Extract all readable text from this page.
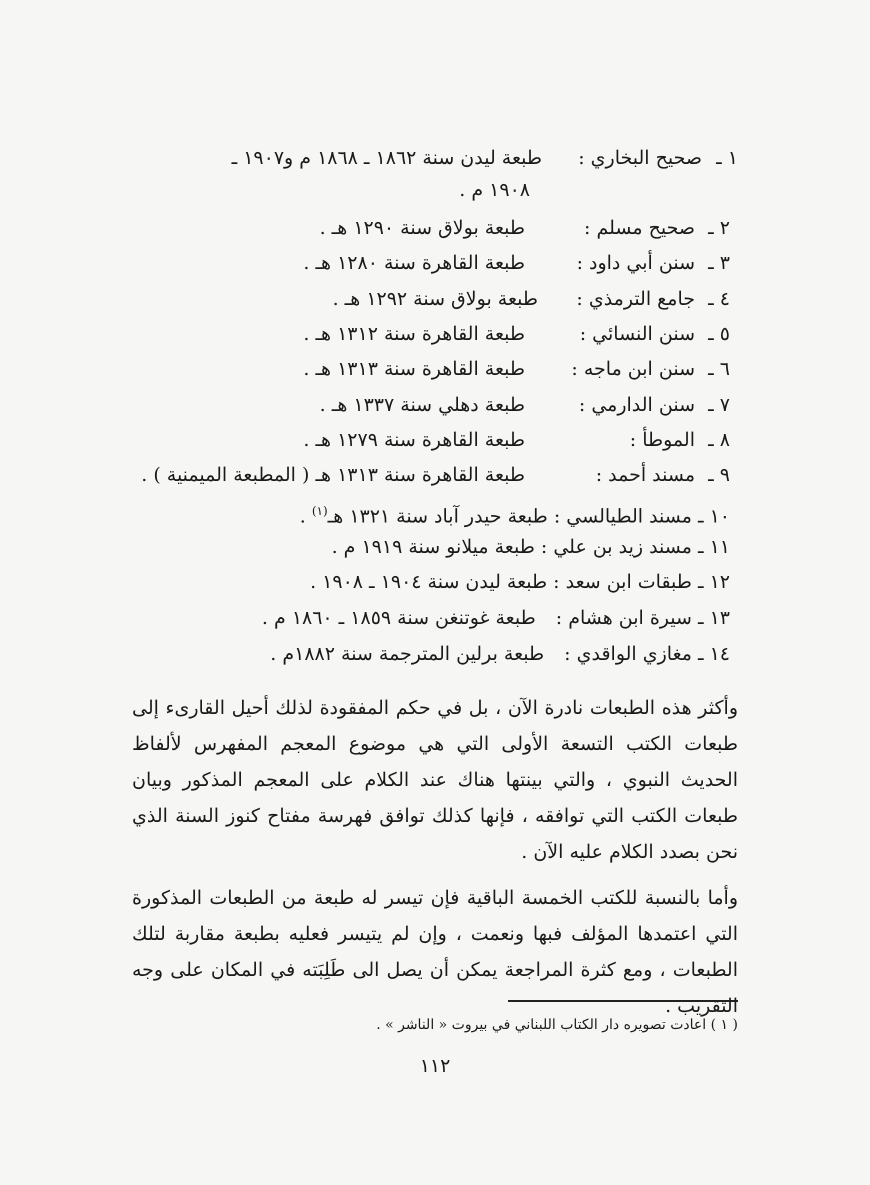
١ ـ
صحيح البخاري :
طبعة ليدن سنة ١٨٦٢ ـ ١٨٦٨ م و١٩٠٧ ـ
١٩٠٨ م .
٢ ـ
صحيح مسلم :
طبعة بولاق سنة ١٢٩٠ هـ .
٣ ـ
سنن أبي داود :
طبعة القاهرة سنة ١٢٨٠ هـ .
٤ ـ
جامع الترمذي :
طبعة بولاق سنة ١٢٩٢ هـ .
٥ ـ
سنن النسائي :
طبعة القاهرة سنة ١٣١٢ هـ .
٦ ـ
سنن ابن ماجه :
طبعة القاهرة سنة ١٣١٣ هـ .
٧ ـ
سنن الدارمي :
طبعة دهلي سنة ١٣٣٧ هـ .
٨ ـ
الموطأ :
طبعة القاهرة سنة ١٢٧٩ هـ .
٩ ـ
مسند أحمد :
طبعة القاهرة سنة ١٣١٣ هـ ( المطبعة الميمنية ) .
١٠ ـ مسند الطيالسي : طبعة حيدر آباد سنة ١٣٢١ هـ$^{(١)}$ .
١١ ـ مسند زيد بن علي : طبعة ميلانو سنة ١٩١٩ م .
١٢ ـ طبقات ابن سعد : طبعة ليدن سنة ١٩٠٤ ـ ١٩٠٨ .
١٣ ـ سيرة ابن هشام : طبعة غوتنغن سنة ١٨٥٩ ـ ١٨٦٠ م .
١٤ ـ مغازي الواقدي : طبعة برلين المترجمة سنة ١٨٨٢م .

وأكثر هذه الطبعات نادرة الآن ، بل في حكم المفقودة لذلك أحيل القارىء إلى طبعات الكتب التسعة الأولى التي هي موضوع المعجم المفهرس لألفاظ الحديث النبوي ، والتي بينتها هناك عند الكلام على المعجم المذكور وبيان طبعات الكتب التي توافقه ، فإنها كذلك توافق فهرسة مفتاح كنوز السنة الذي نحن بصدد الكلام عليه الآن .

وأما بالنسبة للكتب الخمسة الباقية فإن تيسر له طبعة من الطبعات المذكورة التي اعتمدها المؤلف فبها ونعمت ، وإن لم يتيسر فعليه بطبعة مقاربة لتلك الطبعات ، ومع كثرة المراجعة يمكن أن يصل الى طَلِبَته في المكان على وجه التقريب .

( ١ ) اعادت تصويره دار الكتاب اللبناني في بيروت « الناشر » .
١١٢
